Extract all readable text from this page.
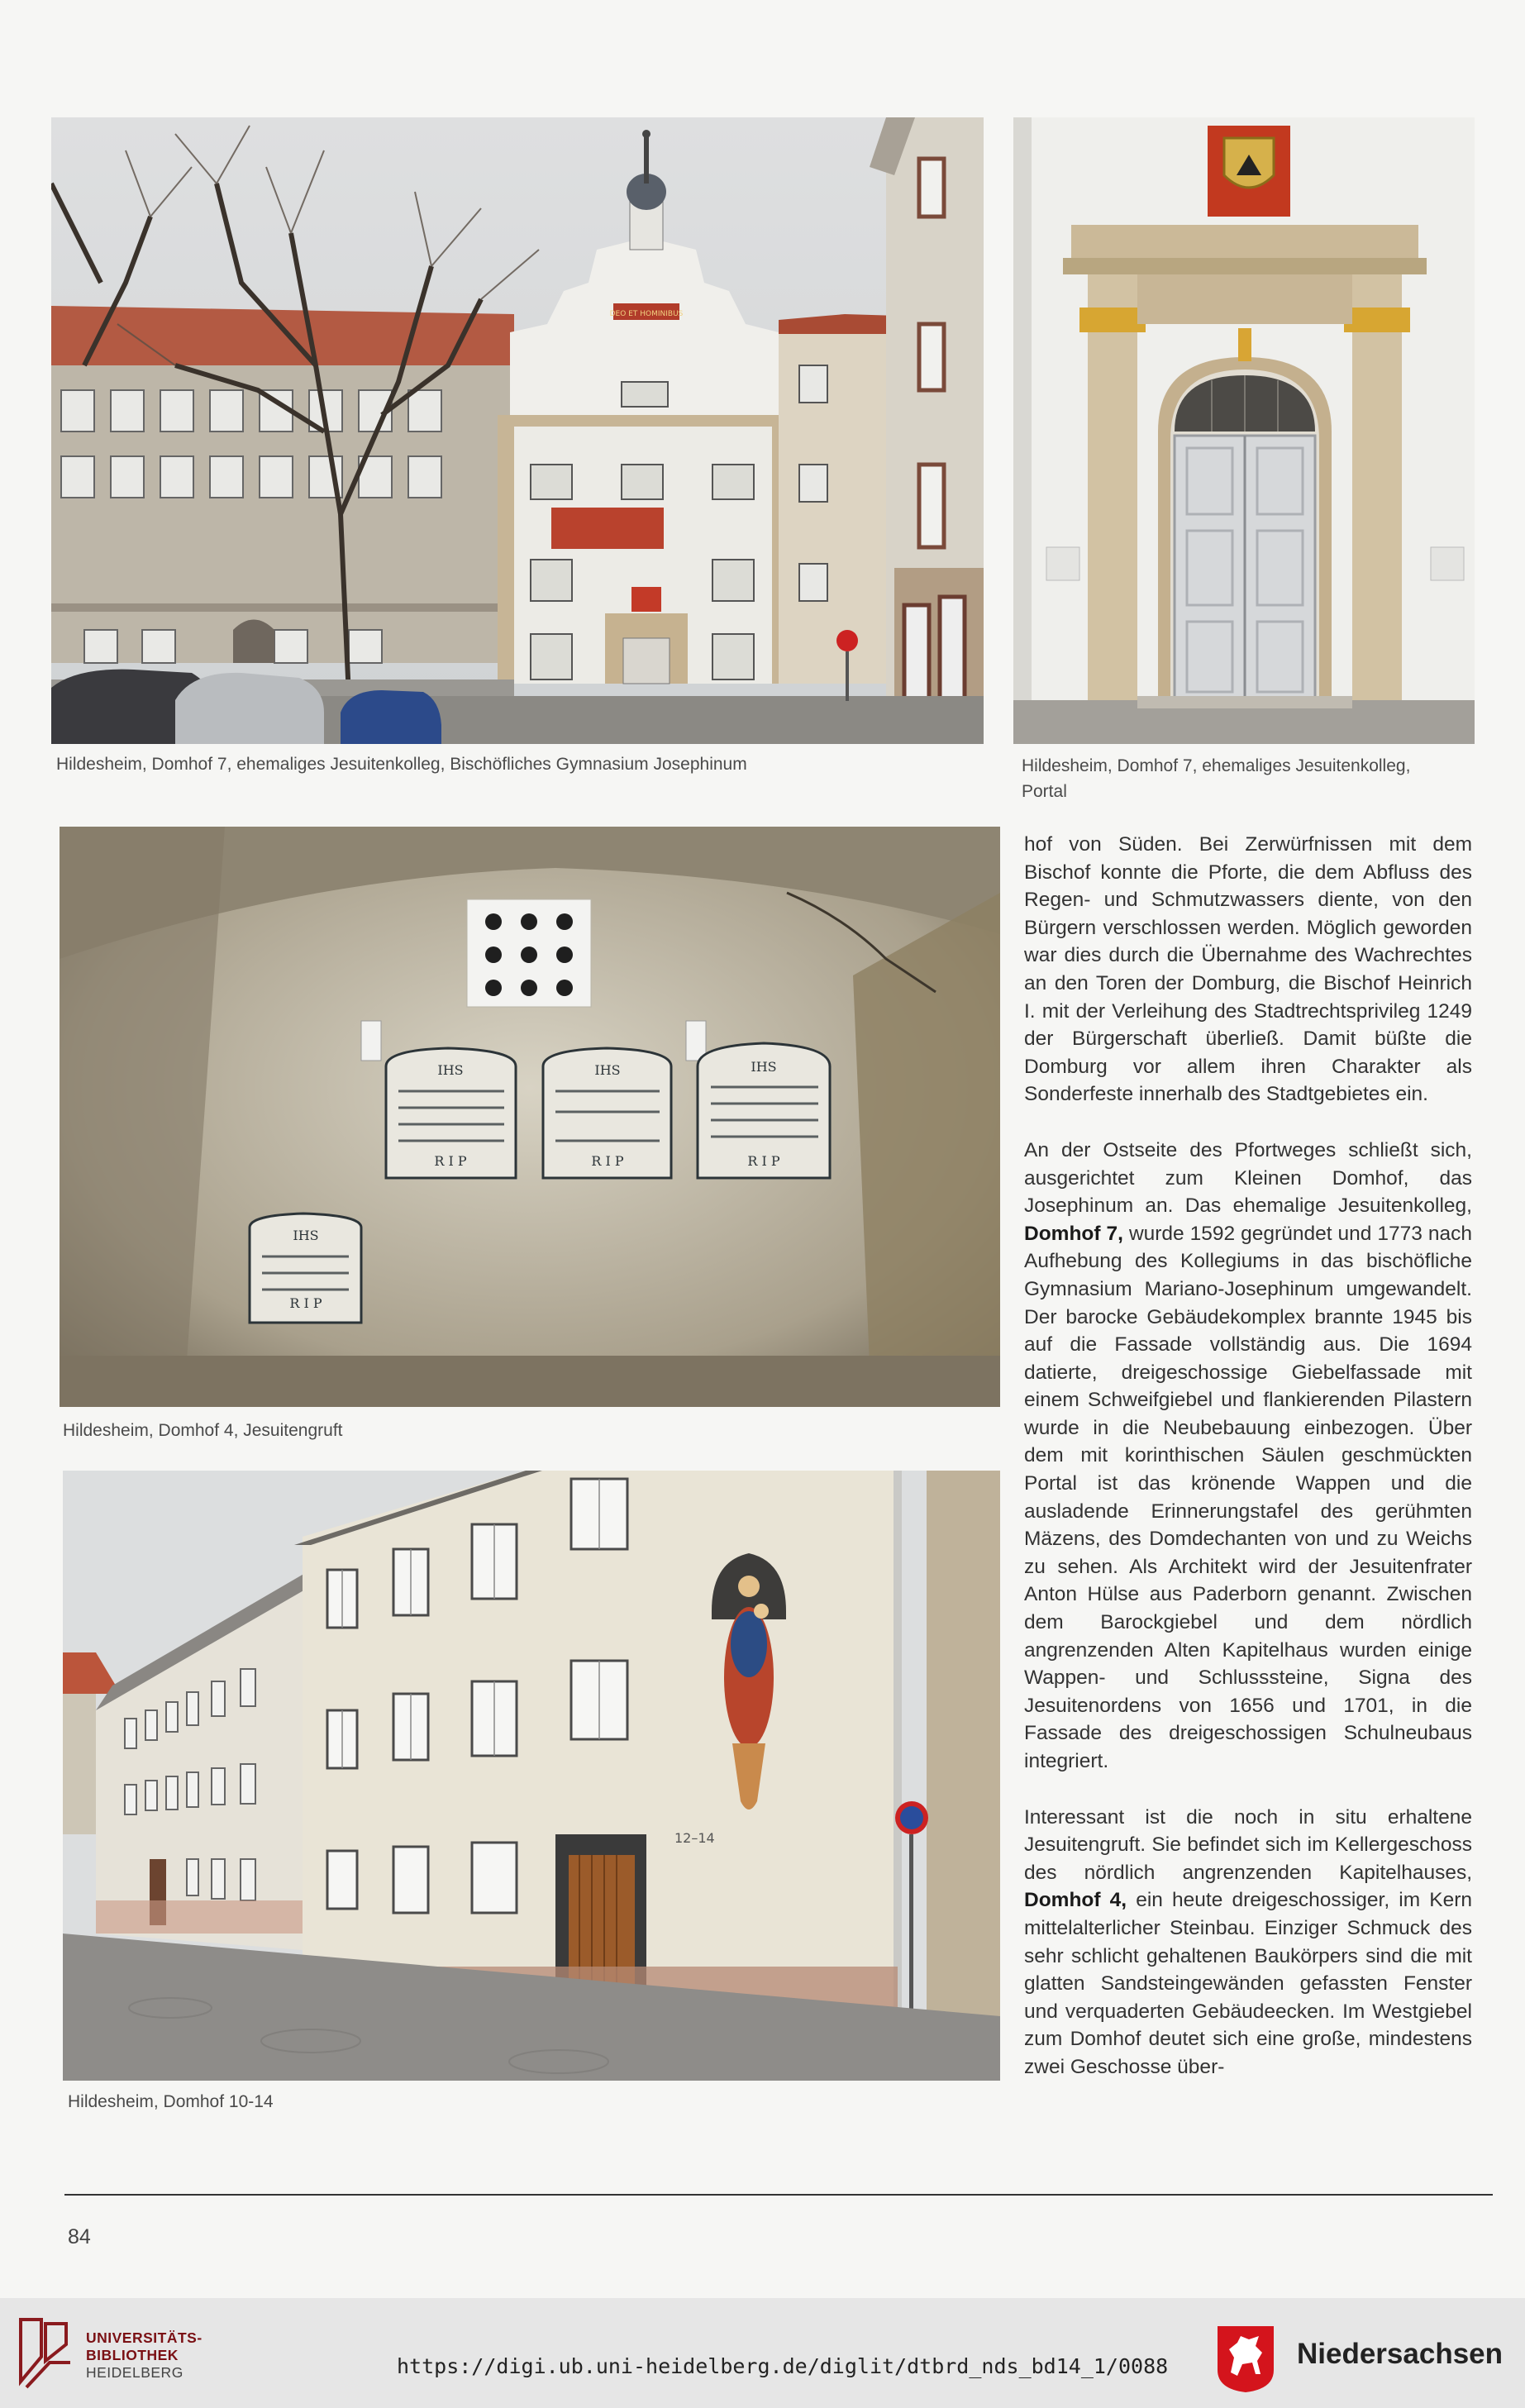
DEO ET HOMINIBUS
Hildesheim, Domhof 7, ehemaliges Jesuitenkolleg, Bischöfliches Gymnasium Josephinum	Hildesheim, Domhof 7, ehemaliges Jesuitenkolleg,
Portal
IHS	IHS	IHS
IHS
R I P	R I P	R I P
R I P
Hildesheim, Domhof 4, Jesuitengruft
12–14
Hildesheim, Domhof 10-14

hof von Süden. Bei Zerwürfnissen mit dem Bischof konnte die Pforte, die dem Abfluss des Regen- und Schmutzwassers diente, von den Bürgern verschlossen werden. Möglich geworden war dies durch die Übernahme des Wachrechtes an den Toren der Domburg, die Bischof Heinrich I. mit der Verleihung des Stadtrechtsprivileg 1249 der Bürgerschaft überließ. Damit büßte die Domburg vor allem ihren Charakter als Sonderfeste innerhalb des Stadtgebietes ein.

An der Ostseite des Pfortweges schließt sich, ausgerichtet zum Kleinen Domhof, das Josephinum an. Das ehemalige Jesuitenkolleg, Domhof 7, wurde 1592 gegründet und 1773 nach Aufhebung des Kollegiums in das bischöfliche Gymnasium Mariano-Josephinum umgewandelt. Der barocke Gebäudekomplex brannte 1945 bis auf die Fassade vollständig aus. Die 1694 datierte, dreigeschossige Giebelfassade mit einem Schweifgiebel und flankierenden Pilastern wurde in die Neubebauung einbezogen. Über dem mit korinthischen Säulen geschmückten Portal ist das krönende Wappen und die ausladende Erinnerungstafel des gerühmten Mäzens, des Domdechanten von und zu Weichs zu sehen. Als Architekt wird der Jesuitenfrater Anton Hülse aus Paderborn genannt. Zwischen dem Barockgiebel und dem nördlich angrenzenden Alten Kapitelhaus wurden einige Wappen- und Schlusssteine, Signa des Jesuitenordens von 1656 und 1701, in die Fassade des dreigeschossigen Schulneubaus integriert.

Interessant ist die noch in situ erhaltene Jesuitengruft. Sie befindet sich im Kellergeschoss des nördlich angrenzenden Kapitelhauses, Domhof 4, ein heute dreigeschossiger, im Kern mittelalterlicher Steinbau. Einziger Schmuck des sehr schlicht gehaltenen Baukörpers sind die mit glatten Sandsteingewänden gefassten Fenster und verquaderten Gebäudeecken. Im Westgiebel zum Domhof deutet sich eine große, mindestens zwei Geschosse über-

84
UNIVERSITÄTS-
BIBLIOTHEK
HEIDELBERG	https://digi.ub.uni-heidelberg.de/diglit/dtbrd_nds_bd14_1/0088	Niedersachsen
